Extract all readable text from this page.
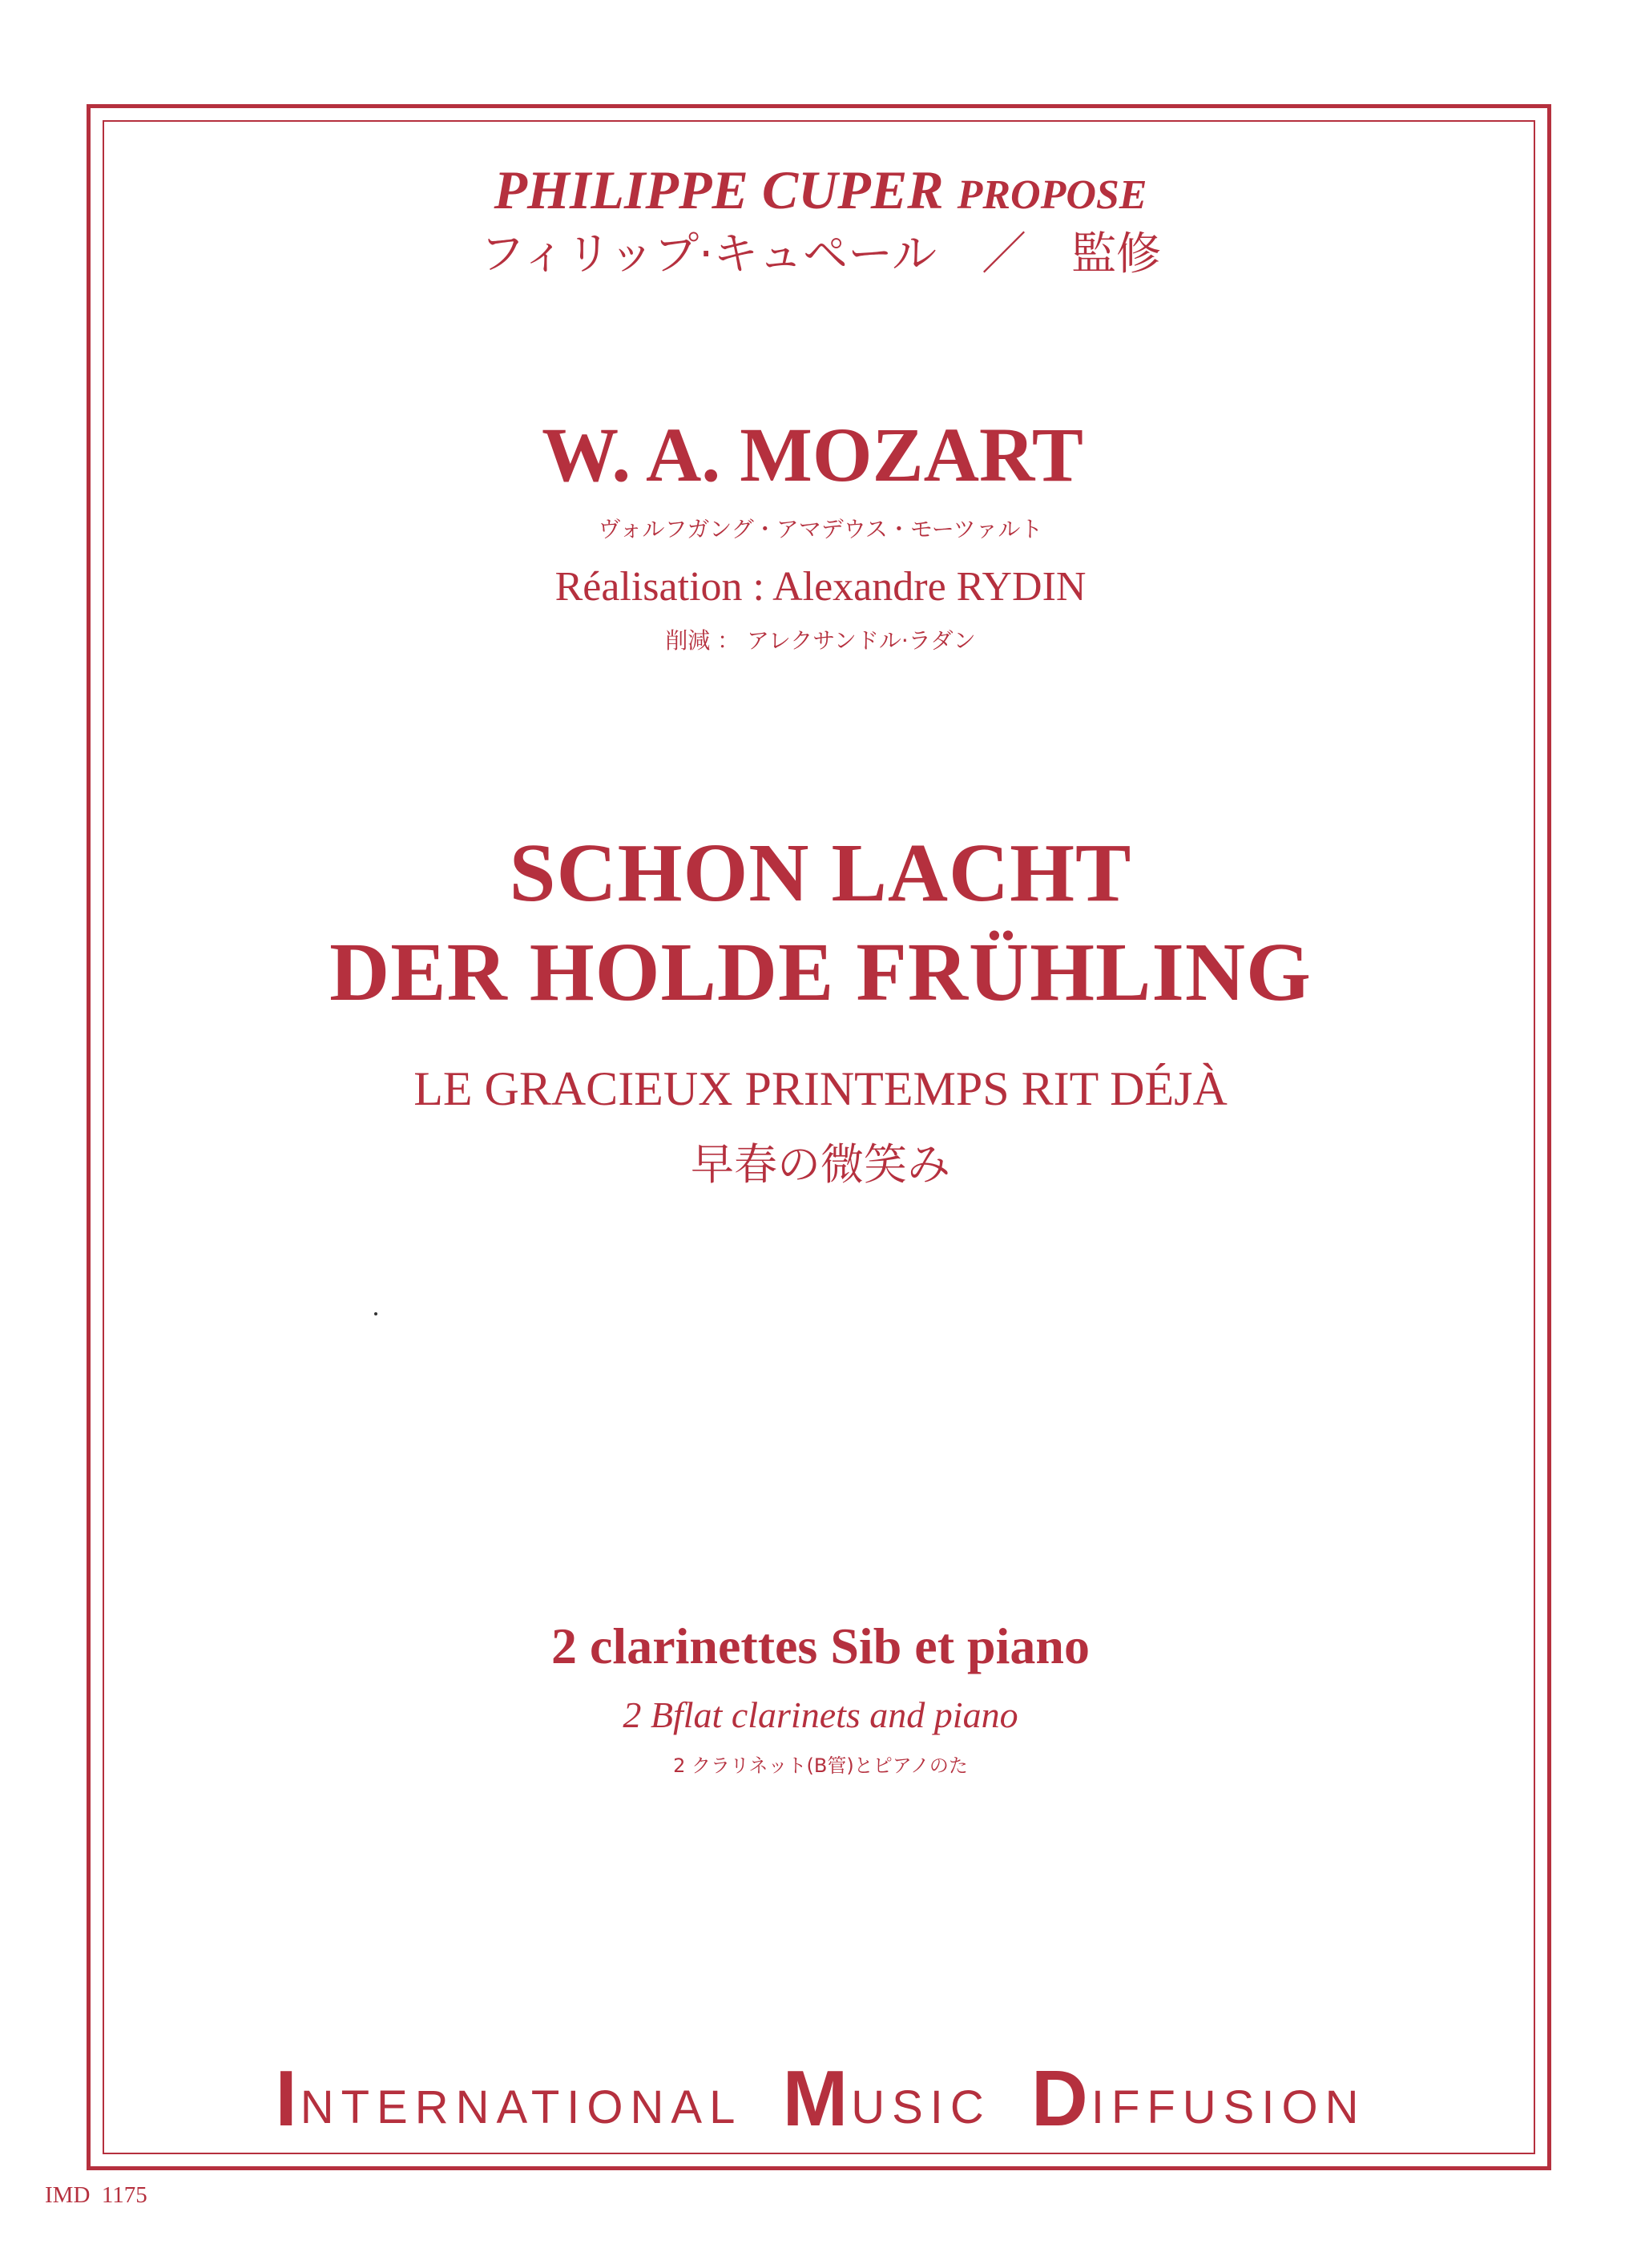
PHILIPPE CUPER PROPOSE
フィリップ·キュペール　／　監修
W. A. MOZART
ヴォルフガング・アマデウス・モーツァルト
Réalisation : Alexandre RYDIN
削減 ： アレクサンドル·ラダン
SCHON LACHT
DER HOLDE FRÜHLING
LE GRACIEUX PRINTEMPS RIT DÉJÀ
早春の微笑み
2 clarinettes Sib et piano
2 Bflat clarinets and piano
2 クラリネット(B管)とピアノのた
INTERNATIONAL MUSIC DIFFUSION
IMD  1175
